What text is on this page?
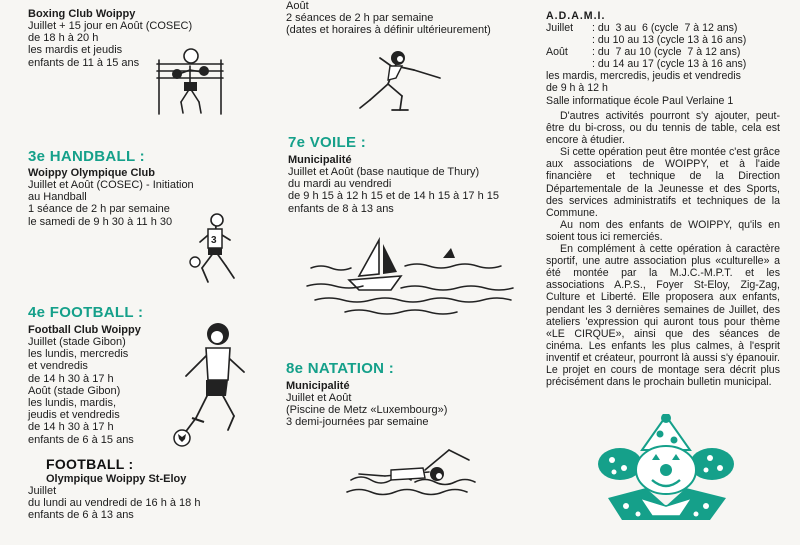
Boxing Club Woippy
Juillet + 15 jour en Août (COSEC)
de 18 h à 20 h
les mardis et jeudis
enfants de 11 à 15 ans
3e HANDBALL :
Woippy Olympique Club
Juillet et Août (COSEC) - Initiation
au Handball
1 séance de 2 h par semaine
le samedi de 9 h 30 à 11 h 30
3
4e FOOTBALL :
Football Club Woippy
Juillet (stade Gibon)
les lundis, mercredis
et vendredis
de 14 h 30 à 17 h
Août (stade Gibon)
les lundis, mardis,
jeudis et vendredis
de 14 h 30 à 17 h
enfants de 6 à 15 ans
FOOTBALL :
Olympique Woippy St-Eloy
Juillet
du lundi au vendredi de 16 h à 18 h
enfants de 6 à 13 ans
Août
2 séances de 2 h par semaine
(dates et horaires à définir ultérieurement)
7e VOILE :
Municipalité
Juillet et Août (base nautique de Thury)
du mardi au vendredi
de 9 h 15 à 12 h 15 et de 14 h 15 à 17 h 15
enfants de 8 à 13 ans
8e NATATION :
Municipalité
Juillet et Août
(Piscine de Metz «Luxembourg»)
3 demi-journées par semaine
A.D.A.M.I.
Juillet	: du  3 au  6 (cycle  7 à 12 ans)
: du 10 au 13 (cycle 13 à 16 ans)
Août	: du  7 au 10 (cycle  7 à 12 ans)
: du 14 au 17 (cycle 13 à 16 ans)
les mardis, mercredis, jeudis et vendredis
de 9 h à 12 h
Salle informatique école Paul Verlaine 1

D'autres activités pourront s'y ajouter, peut-être du bi-cross, ou du tennis de table, cela est encore à étudier.

Si cette opération peut être montée c'est grâce aux associations de WOIPPY, et à l'aide financière et technique de la Direction Départementale de la Jeunesse et des Sports, des services administratifs et techniques de la Commune.

Au nom des enfants de WOIPPY, qu'ils en soient tous ici remerciés.

En complément à cette opération à caractère sportif, une autre association plus «culturelle» a été montée par la M.J.C.-M.P.T. et les associations A.P.S., Foyer St-Eloy, Zig-Zag, Culture et Liberté. Elle proposera aux enfants, pendant les 3 dernières semaines de Juillet, des ateliers 'expression qui auront tous pour thème «LE CIRQUE», ainsi que des séances de cinéma. Les enfants les plus calmes, à l'esprit inventif et créateur, pourront là aussi s'y épanouir. Le projet en cours de montage sera décrit plus précisément dans le prochain bulletin municipal.
